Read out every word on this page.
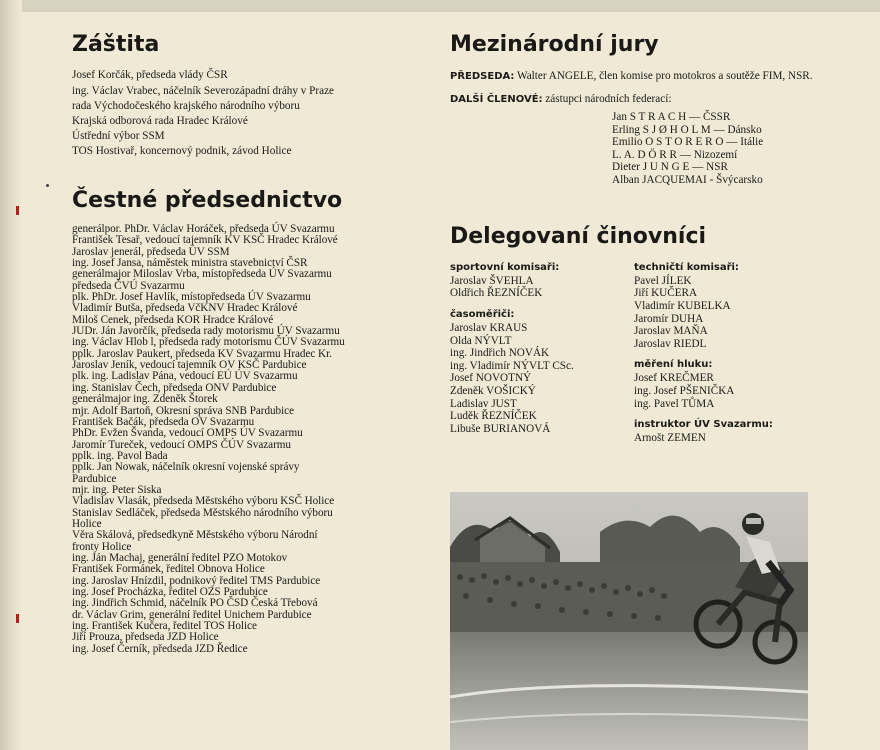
Záštita
Josef Korčák, předseda vlády ČSR
ing. Václav Vrabec, náčelník Severozápadní dráhy v Praze
rada Východočeského krajského národního výboru
Krajská odborová rada Hradec Králové
Ústřední výbor SSM
TOS Hostivař, koncernový podnik, závod Holice
Čestné předsednictvo
generálpor. PhDr. Václav Horáček, předseda ÚV Svazarmu
František Tesař, vedoucí tajemník KV KSČ Hradec Králové
Jaroslav jenerál, předseda ÚV SSM
ing. Josef Jansa, náměstek ministra stavebnictví ČSR
generálmajor Miloslav Vrba, místopředseda ÚV Svazarmu
předseda ČVÚ Svazarmu
plk. PhDr. Josef Havlík, místopředseda ÚV Svazarmu
Vladimír Butša, předseda VčKNV Hradec Králové
Miloš Cenek, předseda KOR Hradce Králové
JUDr. Ján Javorčík, předseda rady motorismu ÚV Svazarmu
ing. Václav Hlob l, předseda rady motorismu ČÚV Svazarmu
pplk. Jaroslav Paukert, předseda KV Svazarmu Hradec Kr.
Jaroslav Jeník, vedoucí tajemník OV KSČ Pardubice
plk. ing. Ladislav Pána, vedoucí EÚ ÚV Svazarmu
ing. Stanislav Čech, předseda ONV Pardubice
generálmajor ing. Zdeněk Štorek
mjr. Adolf Bartoň, Okresní správa SNB Pardubice
František Bačák, předseda OV Svazarmu
PhDr. Evžen Švanda, vedoucí OMPS ÚV Svazarmu
Jaromír Tureček, vedoucí OMPS ČÚV Svazarmu
pplk. ing. Pavol Bada
pplk. Jan Nowak, náčelník okresní vojenské správy
Pardubice
mjr. ing. Peter Siska
Vladislav Vlasák, předseda Městského výboru KSČ Holice
Stanislav Sedláček, předseda Městského národního výboru
Holice
Věra Skálová, předsedkyně Městského výboru Národní
fronty Holice
ing. Ján Machaj, generální ředitel PZO Motokov
František Formánek, ředitel Obnova Holice
ing. Jaroslav Hnízdil, podnikový ředitel TMS Pardubice
ing. Josef Procházka, ředitel OZS Pardubice
ing. Jindřich Schmid, náčelník PO ČSD Česká Třebová
dr. Václav Grim, generální ředitel Unichem Pardubice
ing. František Kučera, ředitel TOS Holice
Jiří Prouza, předseda JZD Holice
ing. Josef Černík, předseda JZD Ředice
Mezinárodní jury
PŘEDSEDA: Walter ANGELE, člen komise pro motokros a soutěže FIM, NSR.
DALŠÍ ČLENOVÉ: zástupci národních federací:
Jan S T R A C H — ČSSR
Erling S J Ø H O L M — Dánsko
Emilio O S T O R E R O — Itálie
L. A. D Ö R R — Nizozemí
Dieter J U N G E — NSR
Alban JACQUEMAI - Švýcarsko
Delegovaní činovníci
sportovní komisaři:
Jaroslav ŠVEHLA
Oldřich ŘEZNÍČEK
časoměřiči:
Jaroslav KRAUS
Olda NÝVLT
ing. Jindřich NOVÁK
ing. Vladimír NÝVLT CSc.
Josef NOVOTNÝ
Zdeněk VOŠICKÝ
Ladislav JUST
Luděk ŘEZNÍČEK
Libuše BURIANOVÁ
techničtí komisaři:
Pavel JÍLEK
Jiří KUČERA
Vladimír KUBELKA
Jaromír DUHA
Jaroslav MAŇA
Jaroslav RIEDL
měření hluku:
Josef KREČMER
ing. Josef PŠENIČKA
ing. Pavel TŮMA
instruktor ÚV Svazarmu:
Arnošt ZEMEN
